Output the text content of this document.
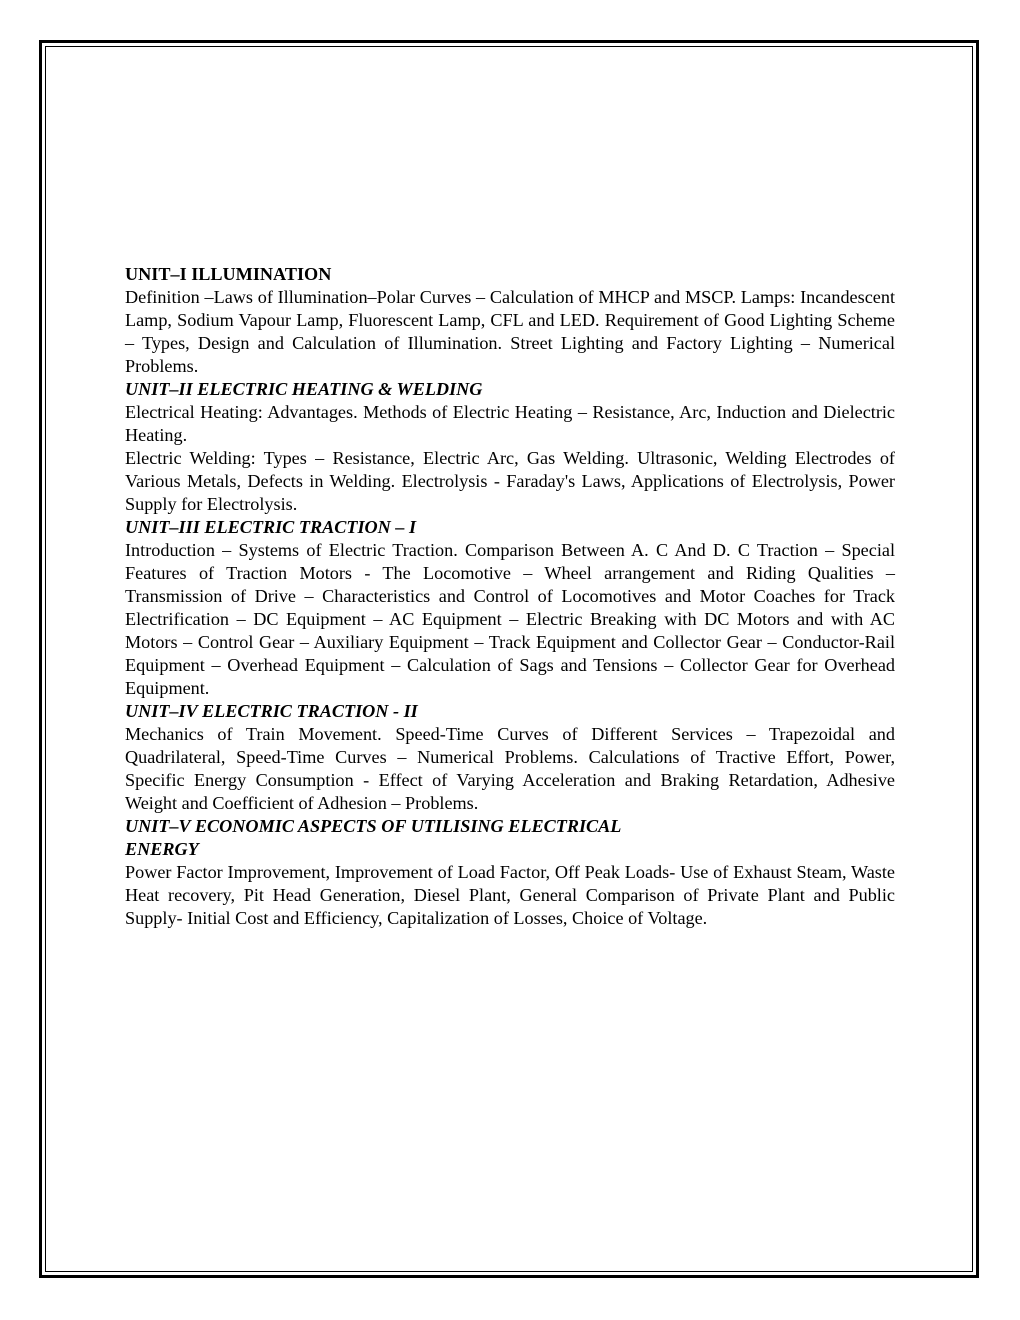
UNIT–I ILLUMINATION

Definition –Laws of Illumination–Polar Curves – Calculation of MHCP and MSCP. Lamps: Incandescent Lamp, Sodium Vapour Lamp, Fluorescent Lamp, CFL and LED. Requirement of Good Lighting Scheme – Types, Design and Calculation of Illumination. Street Lighting and Factory Lighting – Numerical Problems.

UNIT–II ELECTRIC HEATING & WELDING

Electrical Heating: Advantages. Methods of Electric Heating – Resistance, Arc, Induction and Dielectric Heating.

Electric Welding: Types – Resistance, Electric Arc, Gas Welding. Ultrasonic, Welding Electrodes of Various Metals, Defects in Welding. Electrolysis - Faraday's Laws, Applications of Electrolysis, Power Supply for Electrolysis.

UNIT–III ELECTRIC TRACTION – I

Introduction – Systems of Electric Traction. Comparison Between A. C And D. C Traction – Special Features of Traction Motors - The Locomotive – Wheel arrangement and Riding Qualities – Transmission of Drive – Characteristics and Control of Locomotives and Motor Coaches for Track Electrification – DC Equipment – AC Equipment – Electric Breaking with DC Motors and with AC Motors – Control Gear – Auxiliary Equipment – Track Equipment and Collector Gear – Conductor-Rail Equipment – Overhead Equipment – Calculation of Sags and Tensions – Collector Gear for Overhead Equipment.

UNIT–IV ELECTRIC TRACTION - II

Mechanics of Train Movement. Speed-Time Curves of Different Services – Trapezoidal and Quadrilateral, Speed-Time Curves – Numerical Problems. Calculations of Tractive Effort, Power, Specific Energy Consumption - Effect of Varying Acceleration and Braking Retardation, Adhesive Weight and Coefficient of Adhesion – Problems.

UNIT–V ECONOMIC ASPECTS OF UTILISING ELECTRICAL

ENERGY

Power Factor Improvement, Improvement of Load Factor, Off Peak Loads- Use of Exhaust Steam, Waste Heat recovery, Pit Head Generation, Diesel Plant, General Comparison of Private Plant and Public Supply- Initial Cost and Efficiency, Capitalization of Losses, Choice of Voltage.
